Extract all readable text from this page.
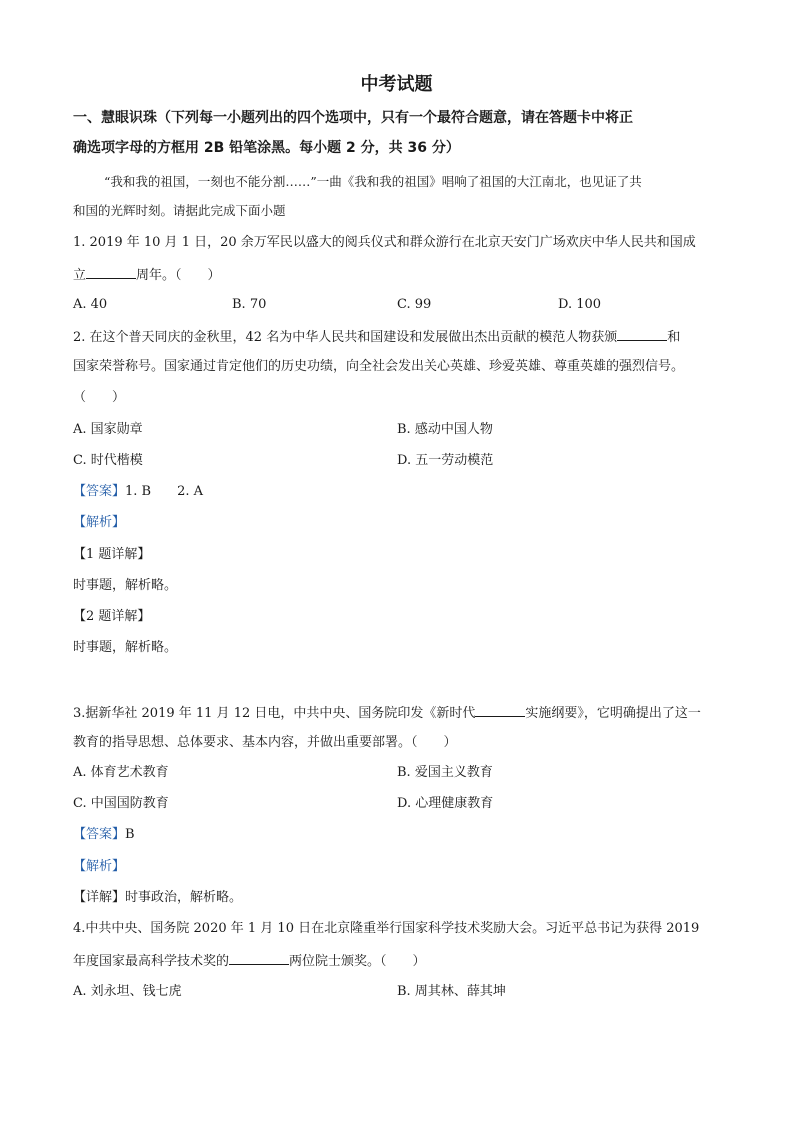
中考试题
一、慧眼识珠（下列每一小题列出的四个选项中，只有一个最符合题意，请在答题卡中将正
确选项字母的方框用 2B 铅笔涂黑。每小题 2 分，共 36 分）
“我和我的祖国，一刻也不能分割……”一曲《我和我的祖国》唱响了祖国的大江南北，也见证了共
和国的光辉时刻。请据此完成下面小题
1. 2019 年 10 月 1 日，20 余万军民以盛大的阅兵仪式和群众游行在北京天安门广场欢庆中华人民共和国成
立	周年。（　　）
A. 40	B. 70	C. 99	D. 100
2. 在这个普天同庆的金秋里，42 名为中华人民共和国建设和发展做出杰出贡献的模范人物获颁	和
国家荣誉称号。国家通过肯定他们的历史功绩，向全社会发出关心英雄、珍爱英雄、尊重英雄的强烈信号。
（　　）
A. 国家勋章	B. 感动中国人物
C. 时代楷模	D. 五一劳动模范
【答案】1. B　　2. A
【解析】
【1 题详解】
时事题，解析略。
【2 题详解】
时事题，解析略。
3.据新华社 2019 年 11 月 12 日电，中共中央、国务院印发《新时代	实施纲要》，它明确提出了这一
教育的指导思想、总体要求、基本内容，并做出重要部署。（　　）
A. 体育艺术教育	B. 爱国主义教育
C. 中国国防教育	D. 心理健康教育
【答案】B
【解析】
【详解】时事政治，解析略。
4.中共中央、国务院 2020 年 1 月 10 日在北京隆重举行国家科学技术奖励大会。习近平总书记为获得 2019
年度国家最高科学技术奖的	两位院士颁奖。（　　）
A. 刘永坦、钱七虎	B. 周其林、薛其坤
